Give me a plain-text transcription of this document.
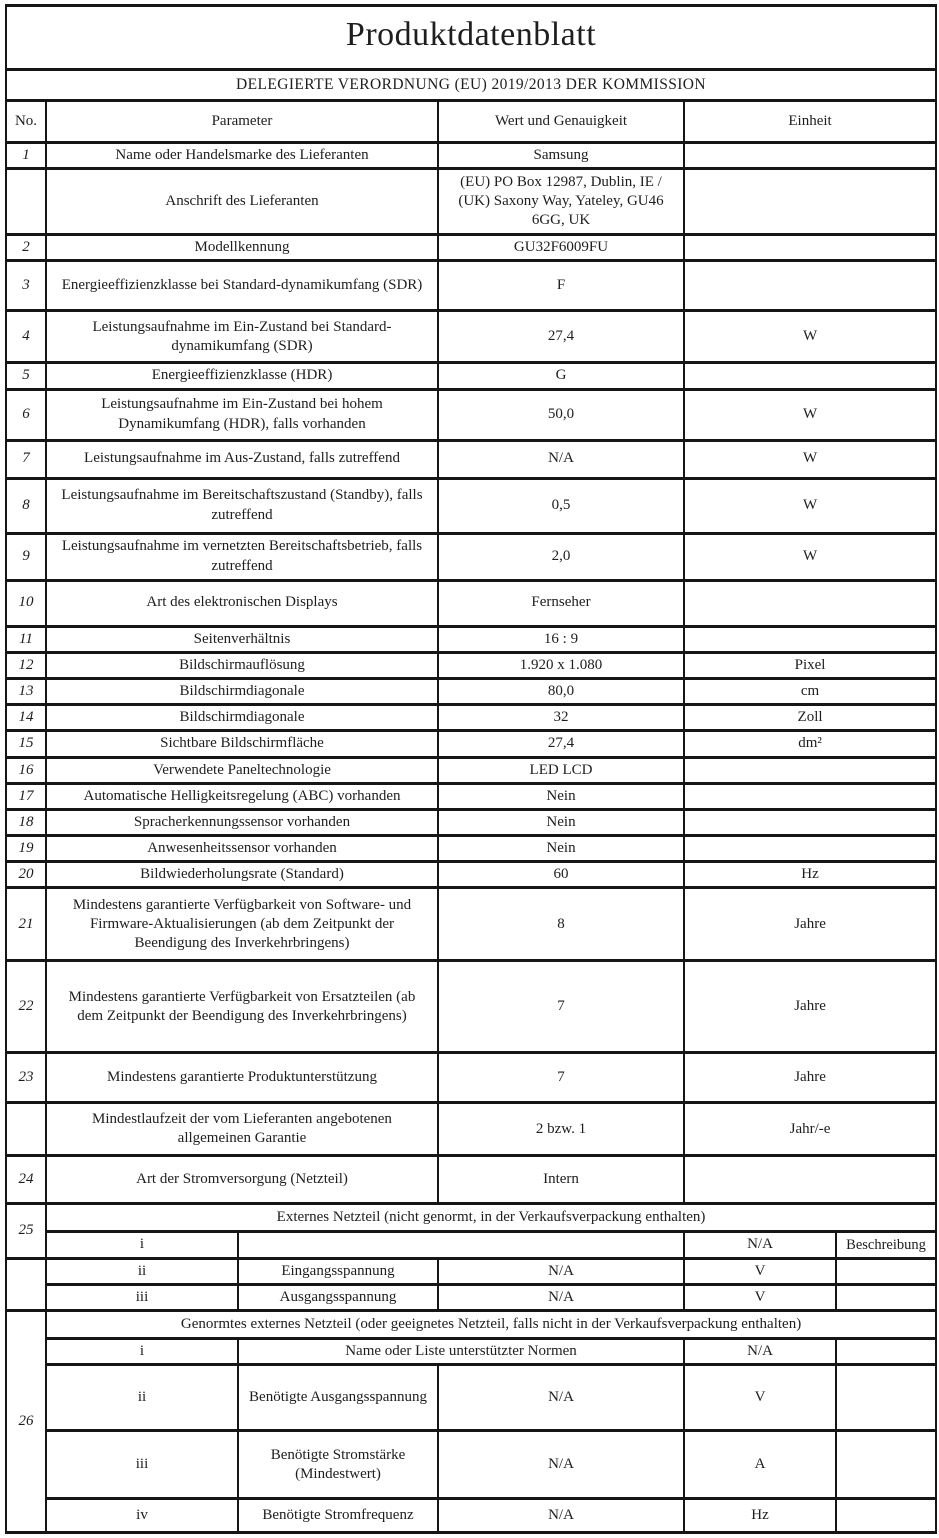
Produktdatenblatt					
DELEGIERTE VERORDNUNG (EU) 2019/2013 DER KOMMISSION					
No.	Parameter		Wert und Genauigkeit	Einheit	
1	Name oder Handelsmarke des Lieferanten		Samsung		
	Anschrift des Lieferanten		(EU) PO Box 12987, Dublin, IE / (UK) Saxony Way, Yateley, GU46 6GG, UK		
2	Modellkennung		GU32F6009FU		
3	Energieeffizienzklasse bei Standard-dynamikumfang (SDR)		F		
4	Leistungsaufnahme im Ein-Zustand bei Standard-dynamikumfang (SDR)		27,4	W	
5	Energieeffizienzklasse (HDR)		G		
6	Leistungsaufnahme im Ein-Zustand bei hohem Dynamikumfang (HDR), falls vorhanden		50,0	W	
7	Leistungsaufnahme im Aus-Zustand, falls zutreffend		N/A	W	
8	Leistungsaufnahme im Bereitschaftszustand (Standby), falls zutreffend		0,5	W	
9	Leistungsaufnahme im vernetzten Bereitschaftsbetrieb, falls zutreffend		2,0	W	
10	Art des elektronischen Displays		Fernseher		
11	Seitenverhältnis		16 : 9		
12	Bildschirmauflösung		1.920 x 1.080	Pixel	
13	Bildschirmdiagonale		80,0	cm	
14	Bildschirmdiagonale		32	Zoll	
15	Sichtbare Bildschirmfläche		27,4	dm²	
16	Verwendete Paneltechnologie		LED LCD		
17	Automatische Helligkeitsregelung (ABC) vorhanden		Nein		
18	Spracherkennungssensor vorhanden		Nein		
19	Anwesenheitssensor vorhanden		Nein		
20	Bildwiederholungsrate (Standard)		60	Hz	
21	Mindestens garantierte Verfügbarkeit von Software- und Firmware-Aktualisierungen (ab dem Zeitpunkt der Beendigung des Inverkehrbringens)		8	Jahre	
22	Mindestens garantierte Verfügbarkeit von Ersatzteilen (ab dem Zeitpunkt der Beendigung des Inverkehrbringens)		7	Jahre	
23	Mindestens garantierte Produktunterstützung		7	Jahre	
	Mindestlaufzeit der vom Lieferanten angebotenen allgemeinen Garantie		2 bzw. 1	Jahr/-e	
24	Art der Stromversorgung (Netzteil)		Intern		
25	Externes Netzteil (nicht genormt, in der Verkaufsverpackung enthalten)				
	i			N/A	Beschreibung
	ii	Eingangsspannung	N/A	V	
	iii	Ausgangsspannung	N/A	V	
26	Genormtes externes Netzteil (oder geeignetes Netzteil, falls nicht in der Verkaufsverpackung enthalten)				
	i	Name oder Liste unterstützter Normen		N/A	
	ii	Benötigte Ausgangsspannung	N/A	V	
	iii	Benötigte Stromstärke (Mindestwert)	N/A	A	
	iv	Benötigte Stromfrequenz	N/A	Hz	
